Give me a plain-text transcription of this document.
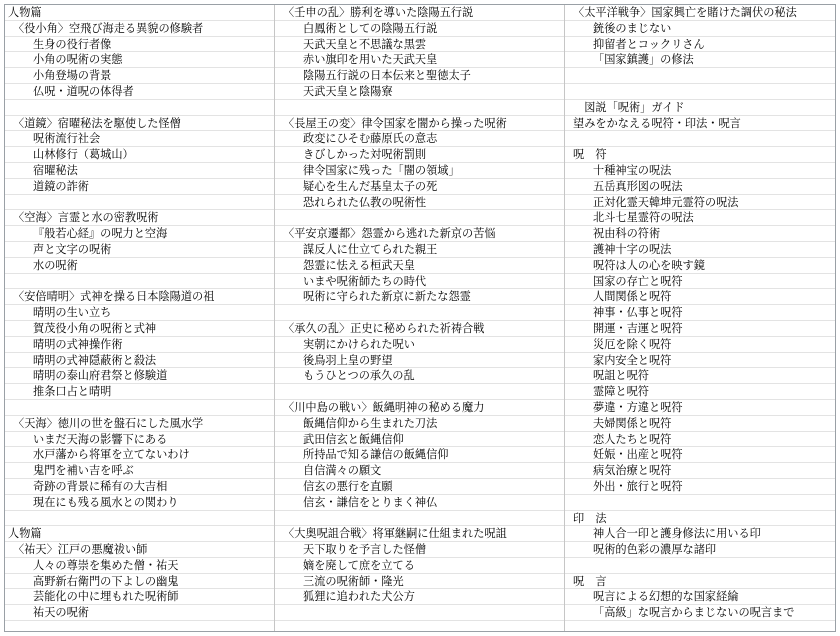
人物篇
〈役小角〉空飛び海走る異貌の修験者
生身の役行者像
小角の呪術の実態
小角登場の背景
仏呪・道呪の体得者
〈道鏡〉宿曜秘法を駆使した怪僧
呪術流行社会
山林修行（葛城山）
宿曜秘法
道鏡の詐術
〈空海〉言霊と水の密教呪術
『般若心経』の呪力と空海
声と文字の呪術
水の呪術
〈安倍晴明〉式神を操る日本陰陽道の祖
晴明の生い立ち
賀茂役小角の呪術と式神
晴明の式神操作術
晴明の式神隠蔽術と殺法
晴明の泰山府君祭と修験道
推条口占と晴明
〈天海〉徳川の世を盤石にした風水学
いまだ天海の影響下にある
水戸藩から将軍を立てないわけ
鬼門を補い吉を呼ぶ
奇跡の背景に稀有の大吉相
現在にも残る風水との関わり
人物篇
〈祐天〉江戸の悪魔祓い師
人々の尊崇を集めた僧・祐天
高野新右衛門の下よしの幽鬼
芸能化の中に埋もれた呪術師
祐天の呪術
〈壬申の乱〉勝利を導いた陰陽五行説
白鳳術としての陰陽五行説
天武天皇と不思議な黒雲
赤い旗印を用いた天武天皇
陰陽五行説の日本伝来と聖徳太子
天武天皇と陰陽寮
〈長屋王の変〉律令国家を闇から操った呪術
政変にひそむ藤原氏の意志
きびしかった対呪術罰則
律令国家に残った「闇の領域」
疑心を生んだ基皇太子の死
恐れられた仏教の呪術性
〈平安京遷都〉怨霊から逃れた新京の苦悩
謀反人に仕立てられた親王
怨霊に怯える桓武天皇
いまや呪術師たちの時代
呪術に守られた新京に新たな怨霊
〈承久の乱〉正史に秘められた祈祷合戦
実朝にかけられた呪い
後鳥羽上皇の野望
もうひとつの承久の乱
〈川中島の戦い〉飯縄明神の秘める魔力
飯縄信仰から生まれた刀法
武田信玄と飯縄信仰
所持品で知る謙信の飯縄信仰
自信満々の願文
信玄の悪行を直願
信玄・謙信をとりまく神仏
〈大奥呪詛合戦〉将軍継嗣に仕組まれた呪詛
天下取りを予言した怪僧
嫡を廃して庶を立てる
三流の呪術師・隆光
狐狸に追われた犬公方
〈太平洋戦争〉国家興亡を賭けた調伏の秘法
銃後のまじない
抑留者とコックリさん
「国家鎮護」の修法
　図説「呪術」ガイド
望みをかなえる呪符・印法・呪言
呪　符
十種神宝の呪法
五岳真形図の呪法
正対化霊天韓坤元霊符の呪法
北斗七星霊符の呪法
祝由科の符術
護神十字の呪法
呪符は人の心を映す鏡
国家の存亡と呪符
人間関係と呪符
神事・仏事と呪符
開運・吉運と呪符
災厄を除く呪符
家内安全と呪符
呪詛と呪符
霊障と呪符
夢違・方違と呪符
夫婦関係と呪符
恋人たちと呪符
妊娠・出産と呪符
病気治療と呪符
外出・旅行と呪符
印　法
神人合一印と護身修法に用いる印
呪術的色彩の濃厚な諸印
呪　言
呪言による幻想的な国家経綸
「高級」な呪言からまじないの呪言まで
